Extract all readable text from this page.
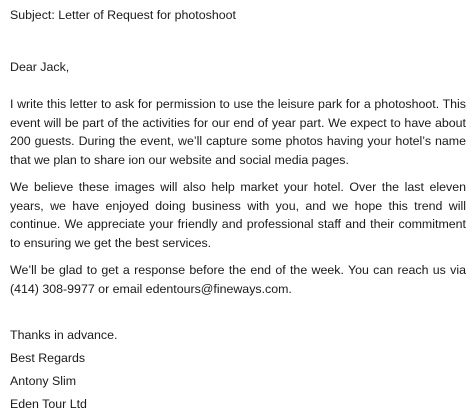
Subject: Letter of Request for photoshoot
Dear Jack,
I write this letter to ask for permission to use the leisure park for a photoshoot. This event will be part of the activities for our end of year part. We expect to have about 200 guests. During the event, we’ll capture some photos having your hotel’s name that we plan to share ion our website and social media pages.
We believe these images will also help market your hotel. Over the last eleven years, we have enjoyed doing business with you, and we hope this trend will continue. We appreciate your friendly and professional staff and their commitment to ensuring we get the best services.
We’ll be glad to get a response before the end of the week. You can reach us via (414) 308-9977 or email edentours@fineways.com.
Thanks in advance.
Best Regards
Antony Slim
Eden Tour Ltd
